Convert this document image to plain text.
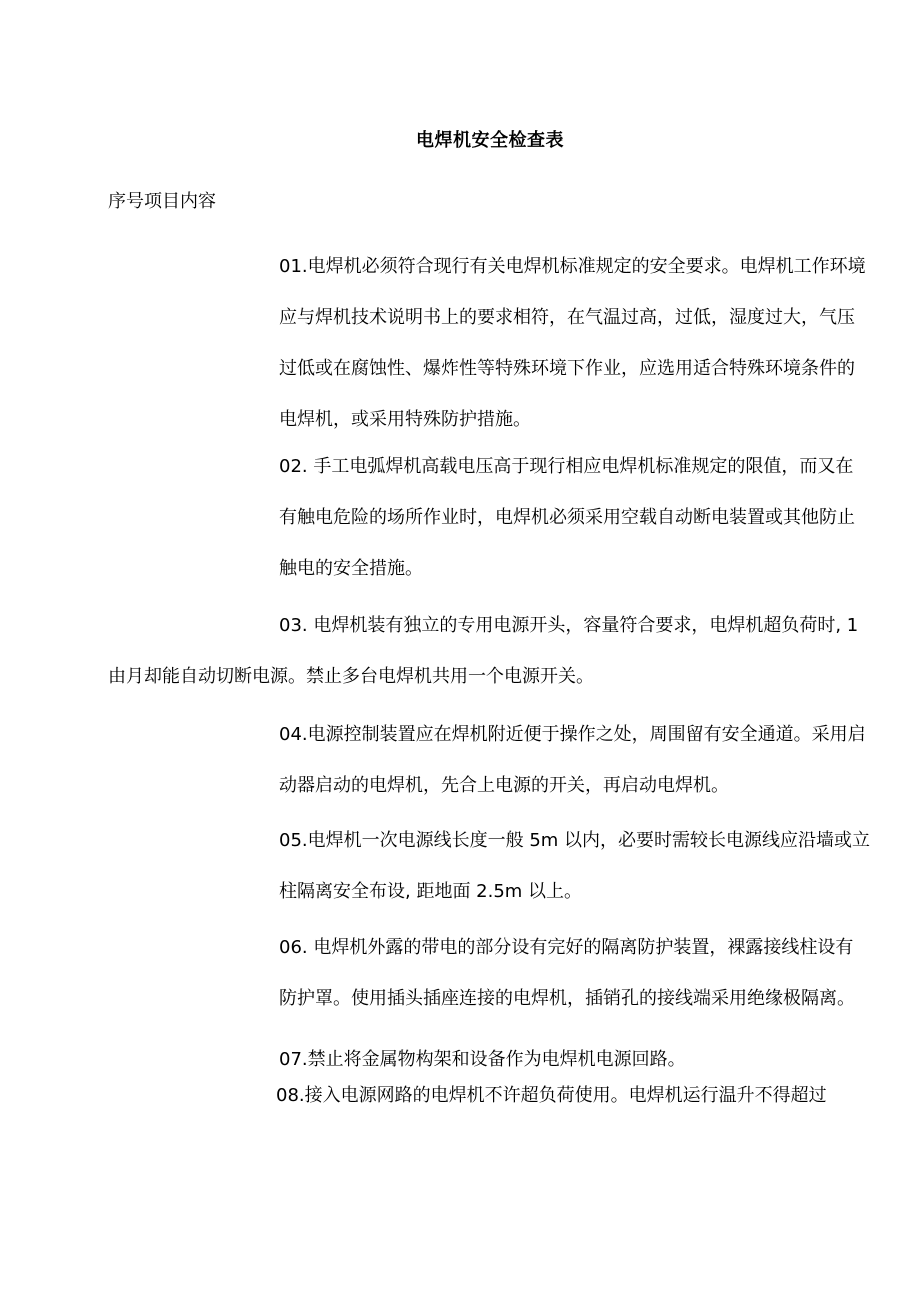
电焊机安全检查表
序号项目内容
01.电焊机必须符合现行有关电焊机标准规定的安全要求。电焊机工作环境
应与焊机技术说明书上的要求相符，在气温过高，过低，湿度过大，气压
过低或在腐蚀性、爆炸性等特殊环境下作业，应选用适合特殊环境条件的
电焊机，或采用特殊防护措施。
02. 手工电弧焊机高载电压高于现行相应电焊机标准规定的限值，而又在
有触电危险的场所作业时，电焊机必须采用空载自动断电装置或其他防止
触电的安全措施。
03. 电焊机装有独立的专用电源开头，容量符合要求，电焊机超负荷时, 1
由月却能自动切断电源。禁止多台电焊机共用一个电源开关。
04.电源控制装置应在焊机附近便于操作之处，周围留有安全通道。采用启
动器启动的电焊机，先合上电源的开关，再启动电焊机。
05.电焊机一次电源线长度一般 5m 以内，必要时需较长电源线应沿墙或立
柱隔离安全布设, 距地面 2.5m 以上。
06. 电焊机外露的带电的部分设有完好的隔离防护装置，裸露接线柱设有
防护罩。使用插头插座连接的电焊机，插销孔的接线端采用绝缘极隔离。
07.禁止将金属物构架和设备作为电焊机电源回路。
08.接入电源网路的电焊机不许超负荷使用。电焊机运行温升不得超过
